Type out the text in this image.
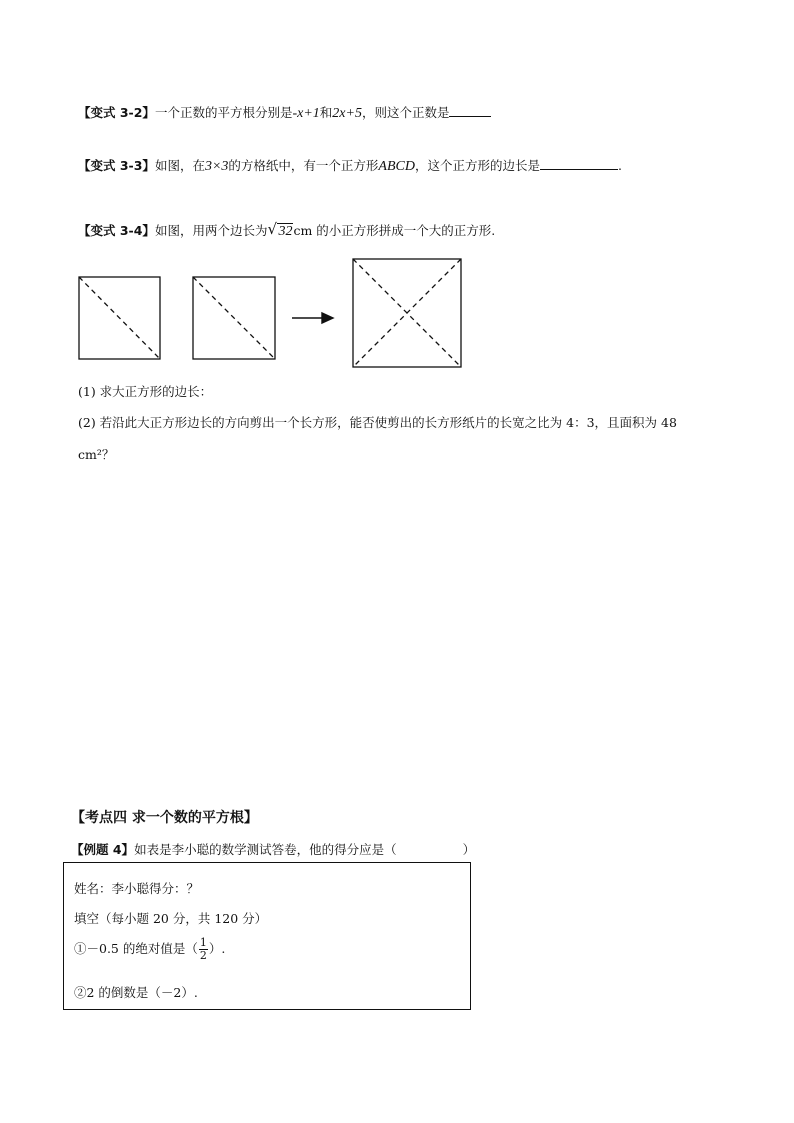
【变式 3-2】一个正数的平方根分别是-x+1和2x+5，则这个正数是
【变式 3-3】如图，在3×3的方格纸中，有一个正方形ABCD，这个正方形的边长是	.
【变式 3-4】如图，用两个边长为 √ 32cm 的小正方形拼成一个大的正方形.
(1) 求大正方形的边长：
(2) 若沿此大正方形边长的方向剪出一个长方形，能否使剪出的长方形纸片的长宽之比为 4：3，且面积为 48
cm²？
【考点四 求一个数的平方根】
【例题 4】如表是李小聪的数学测试答卷，他的得分应是（	）
姓名：李小聪得分：？
填空（每小题 20 分，共 120 分）
①－0.5 的绝对值是（ $\frac{1}{2}$ ）.
②2 的倒数是（－2）.
